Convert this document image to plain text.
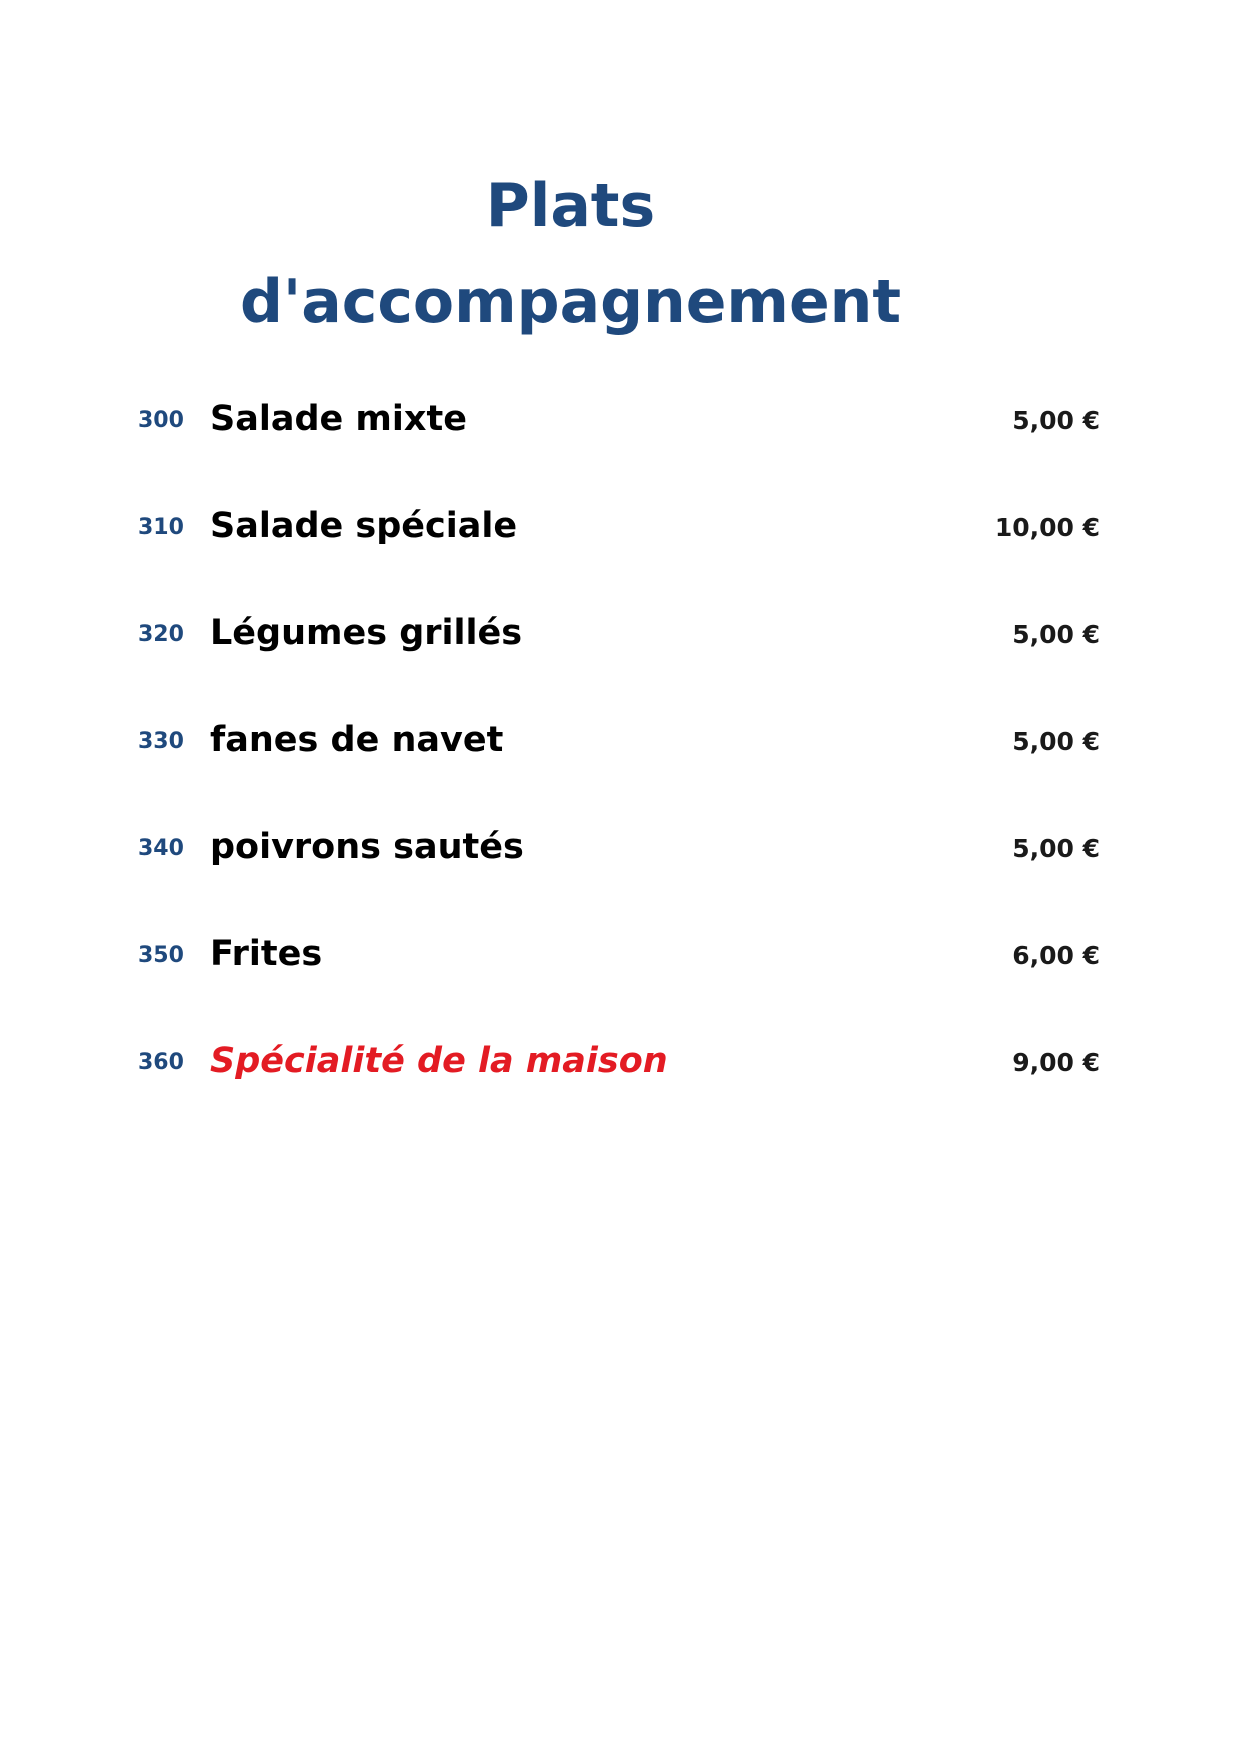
Plats
d'accompagnement
300 Salade mixte	5,00 €
310 Salade spéciale	10,00 €
320 Légumes grillés	5,00 €
330 fanes de navet	5,00 €
340 poivrons sautés	5,00 €
350 Frites	6,00 €
360 Spécialité de la maison	9,00 €
